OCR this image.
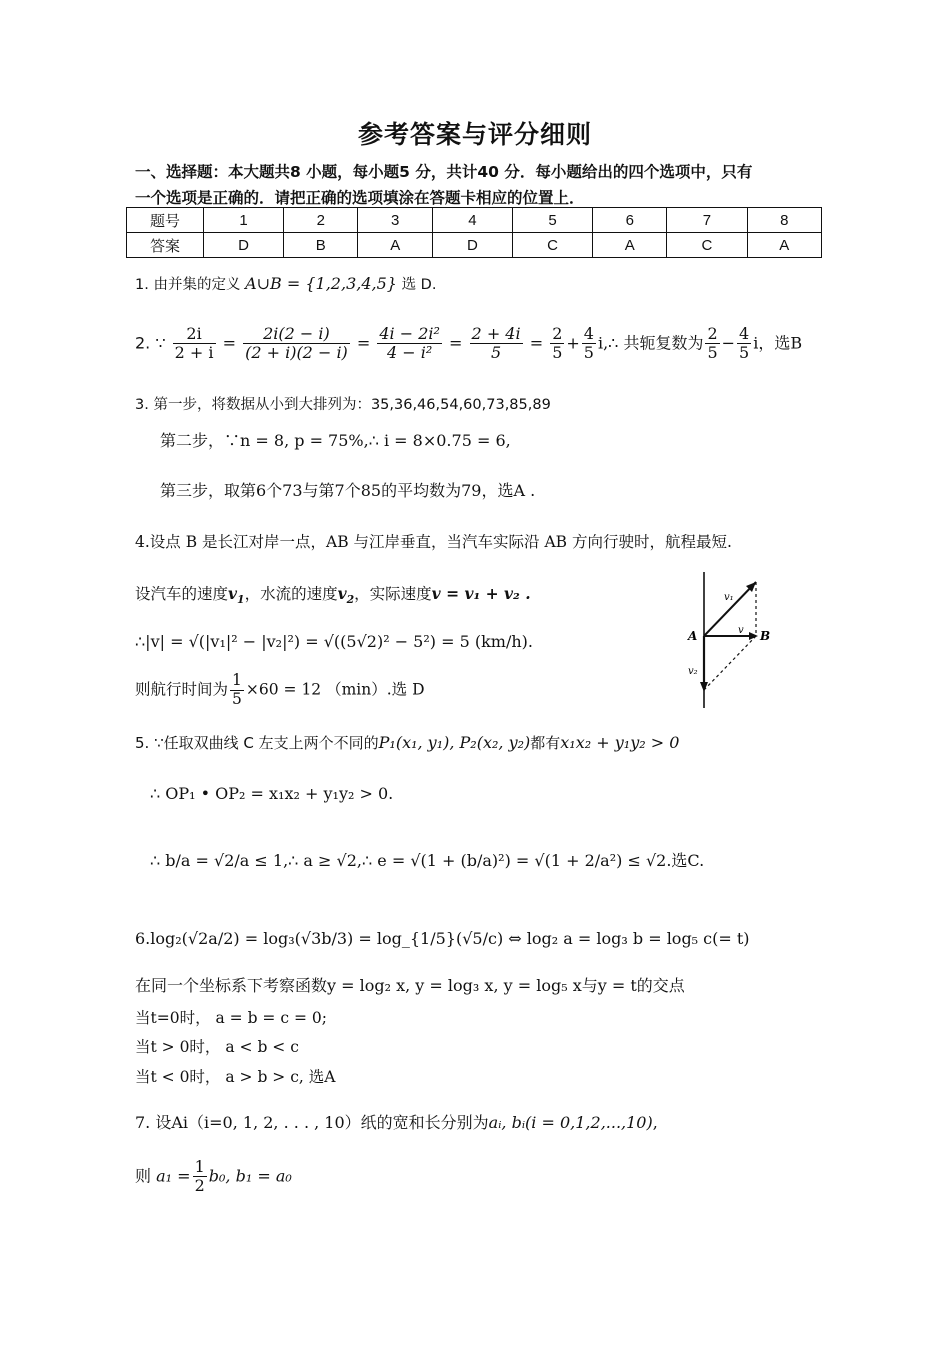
参考答案与评分细则
一、选择题：本大题共8 小题，每小题5 分，共计40 分．每小题给出的四个选项中，只有
一个选项是正确的．请把正确的选项填涂在答题卡相应的位置上．
题号	1	2	3	4	5	6	7	8
答案	D	B	A	D	C	A	C	A
1. 由并集的定义 A∪B = {1,2,3,4,5} 选 D.
2. ∵ $\frac{2i}{2 + i} = \frac{2i(2 - i)}{(2 + i)(2 - i)} = \frac{\text{4i − 2i²}}{\text{4 − i²}} = \frac{2 + 4i}{5} = \frac{2}{5} + \frac{4}{5}$ i,∴ 共轭复数为 $\frac{2}{5} - \frac{4}{5}$ i，选B
3. 第一步，将数据从小到大排列为：35,36,46,54,60,73,85,89
第二步，∵n = 8, p = 75%,∴ i = 8×0.75 = 6,
第三步，取第6个73与第7个85的平均数为79，选A .
4.设点 B 是长江对岸一点，AB 与江岸垂直，当汽车实际沿 AB 方向行驶时，航程最短.
设汽车的速度$v_1$，水流的速度$v_2$，实际速度v = v₁ + v₂ .
∴|v| = √(|v₁|² − |v₂|²) = √((5√2)² − 5²) = 5 (km/h).
则航行时间为 $\frac{1}{5} \times 60 = 12$ （min）.选 D
A	B
v
v₁
v₂
5. ∵任取双曲线 C 左支上两个不同的P₁(x₁, y₁), P₂(x₂, y₂)都有x₁x₂ + y₁y₂ > 0
∴ OP₁ • OP₂ = x₁x₂ + y₁y₂ > 0.
∴ b/a = √2/a ≤ 1,∴ a ≥ √2,∴ e = √(1 + (b/a)²) = √(1 + 2/a²) ≤ √2.选C.
6.log₂(√2a/2) = log₃(√3b/3) = log_{1/5}(√5/c) ⇔ log₂ a = log₃ b = log₅ c(= t)
在同一个坐标系下考察函数y = log₂ x, y = log₃ x, y = log₅ x与y = t的交点
当t=0时， a = b = c = 0;
当t > 0时， a < b < c
当t < 0时， a > b > c, 选A
7. 设Ai（i=0, 1, 2, . . . , 10）纸的宽和长分别为aᵢ, bᵢ(i = 0,1,2,...,10),
则 $a_1 = \frac{1}{2} b_0$, b₁ = a₀
